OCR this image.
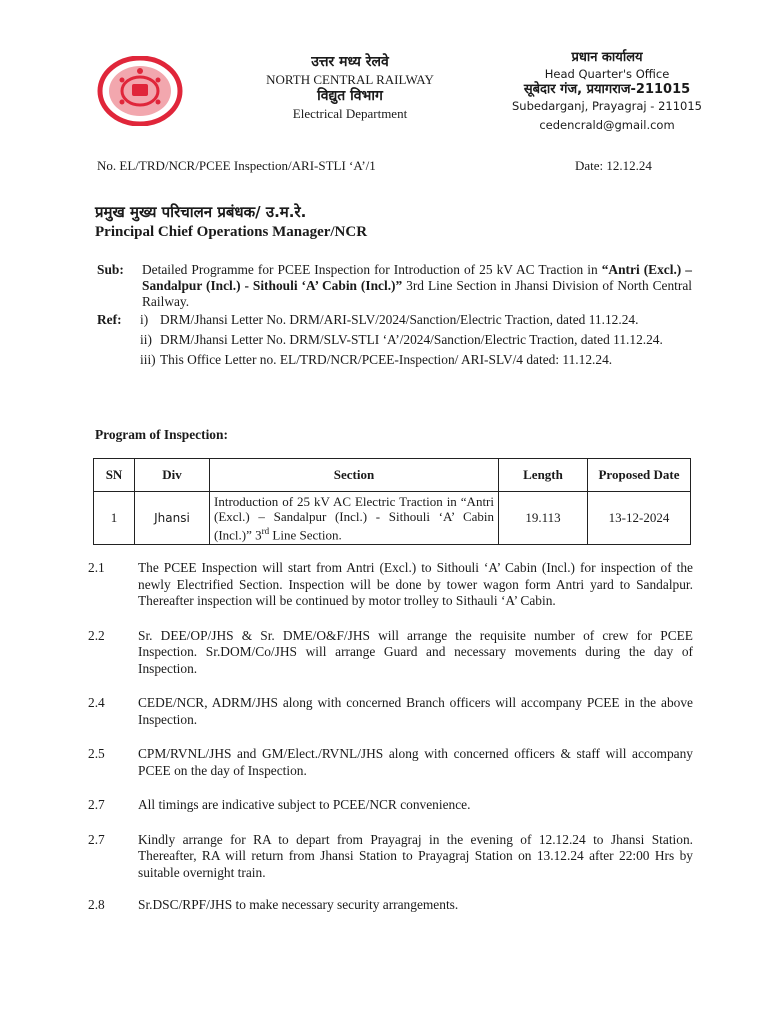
उत्तर मध्य रेलवे
NORTH CENTRAL RAILWAY
विद्युत विभाग
Electrical Department
प्रधान कार्यालय
Head Quarter's Office
सूबेदार गंज, प्रयागराज-211015
Subedarganj, Prayagraj - 211015
cedencrald@gmail.com
No. EL/TRD/NCR/PCEE Inspection/ARI-STLI ‘A’/1	Date: 12.12.24
प्रमुख मुख्य परिचालन प्रबंधक/ उ.म.रे.
Principal Chief Operations Manager/NCR
Sub: Detailed Programme for PCEE Inspection for Introduction of 25 kV AC Traction in “Antri (Excl.) – Sandalpur (Incl.) - Sithouli ‘A’ Cabin (Incl.)” 3rd Line Section in Jhansi Division of North Central Railway.
Ref: i) DRM/Jhansi Letter No. DRM/ARI-SLV/2024/Sanction/Electric Traction, dated 11.12.24.
ii) DRM/Jhansi Letter No. DRM/SLV-STLI ‘A’/2024/Sanction/Electric Traction, dated 11.12.24.
iii) This Office Letter no. EL/TRD/NCR/PCEE-Inspection/ ARI-SLV/4 dated: 11.12.24.
Program of Inspection:
SN	Div	Section	Length	Proposed Date
1	Jhansi	Introduction of 25 kV AC Electric Traction in “Antri (Excl.) – Sandalpur (Incl.) - Sithouli ‘A’ Cabin (Incl.)” 3rd Line Section.	19.113	13-12-2024
2.1	The PCEE Inspection will start from Antri (Excl.) to Sithouli ‘A’ Cabin (Incl.) for inspection of the newly Electrified Section. Inspection will be done by tower wagon form Antri yard to Sandalpur. Thereafter inspection will be continued by motor trolley to Sithauli ‘A’ Cabin.
2.2	Sr. DEE/OP/JHS & Sr. DME/O&F/JHS will arrange the requisite number of crew for PCEE Inspection. Sr.DOM/Co/JHS will arrange Guard and necessary movements during the day of Inspection.
2.4	CEDE/NCR, ADRM/JHS along with concerned Branch officers will accompany PCEE in the above Inspection.
2.5	CPM/RVNL/JHS and GM/Elect./RVNL/JHS along with concerned officers & staff will accompany PCEE on the day of Inspection.
2.7	All timings are indicative subject to PCEE/NCR convenience.
2.7	Kindly arrange for RA to depart from Prayagraj in the evening of 12.12.24 to Jhansi Station. Thereafter, RA will return from Jhansi Station to Prayagraj Station on 13.12.24 after 22:00 Hrs by suitable overnight train.
2.8	Sr.DSC/RPF/JHS to make necessary security arrangements.
